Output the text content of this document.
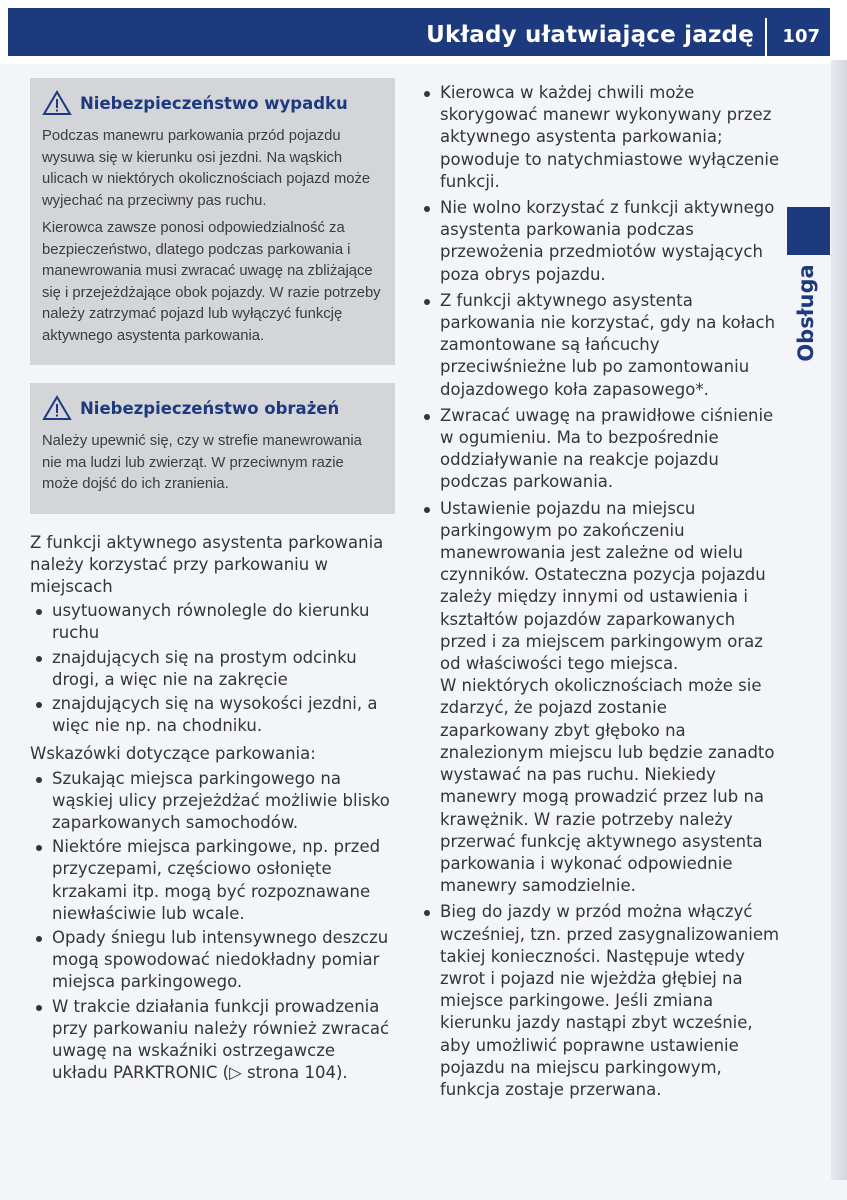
Układy ułatwiające jazdę 107
Obsługa
Niebezpieczeństwo wypadku

Podczas manewru parkowania przód pojazdu wysuwa się w kierunku osi jezdni. Na wąskich ulicach w niektórych okolicznościach pojazd może wyjechać na przeciwny pas ruchu.

Kierowca zawsze ponosi odpowiedzialność za bezpieczeństwo, dlatego podczas parkowania i manewrowania musi zwracać uwagę na zbliżające się i przejeżdżające obok pojazdy. W razie potrzeby należy zatrzymać pojazd lub wyłączyć funkcję aktywnego asystenta parkowania.

Niebezpieczeństwo obrażeń

Należy upewnić się, czy w strefie manewrowania nie ma ludzi lub zwierząt. W przeciwnym razie może dojść do ich zranienia.

Z funkcji aktywnego asystenta parkowania należy korzystać przy parkowaniu w miejscach

usytuowanych równolegle do kierunku ruchu
znajdujących się na prostym odcinku drogi, a więc nie na zakręcie
znajdujących się na wysokości jezdni, a więc nie np. na chodniku.

Wskazówki dotyczące parkowania:

Szukając miejsca parkingowego na wąskiej ulicy przejeżdżać możliwie blisko zaparkowanych samochodów.
Niektóre miejsca parkingowe, np. przed przyczepami, częściowo osłonięte krzakami itp. mogą być rozpoznawane niewłaściwie lub wcale.
Opady śniegu lub intensywnego deszczu mogą spowodować niedokładny pomiar miejsca parkingowego.
W trakcie działania funkcji prowadzenia przy parkowaniu należy również zwracać uwagę na wskaźniki ostrzegawcze układu PARKTRONIC (▷ strona 104).
Kierowca w każdej chwili może skorygować manewr wykonywany przez aktywnego asystenta parkowania; powoduje to natychmiastowe wyłączenie funkcji.
Nie wolno korzystać z funkcji aktywnego asystenta parkowania podczas przewożenia przedmiotów wystających poza obrys pojazdu.
Z funkcji aktywnego asystenta parkowania nie korzystać, gdy na kołach zamontowane są łańcuchy przeciwśnieżne lub po zamontowaniu dojazdowego koła zapasowego*.
Zwracać uwagę na prawidłowe ciśnienie w ogumieniu. Ma to bezpośrednie oddziaływanie na reakcje pojazdu podczas parkowania.
Ustawienie pojazdu na miejscu parkingowym po zakończeniu manewrowania jest zależne od wielu czynników. Ostateczna pozycja pojazdu zależy między innymi od ustawienia i kształtów pojazdów zaparkowanych przed i za miejscem parkingowym oraz od właściwości tego miejsca.
W niektórych okolicznościach może sie zdarzyć, że pojazd zostanie zaparkowany zbyt głęboko na znalezionym miejscu lub będzie zanadto wystawać na pas ruchu. Niekiedy manewry mogą prowadzić przez lub na krawężnik. W razie potrzeby należy przerwać funkcję aktywnego asystenta parkowania i wykonać odpowiednie manewry samodzielnie.
Bieg do jazdy w przód można włączyć wcześniej, tzn. przed zasygnalizowaniem takiej konieczności. Następuje wtedy zwrot i pojazd nie wjeżdża głębiej na miejsce parkingowe. Jeśli zmiana kierunku jazdy nastąpi zbyt wcześnie, aby umożliwić poprawne ustawienie pojazdu na miejscu parkingowym, funkcja zostaje przerwana.
